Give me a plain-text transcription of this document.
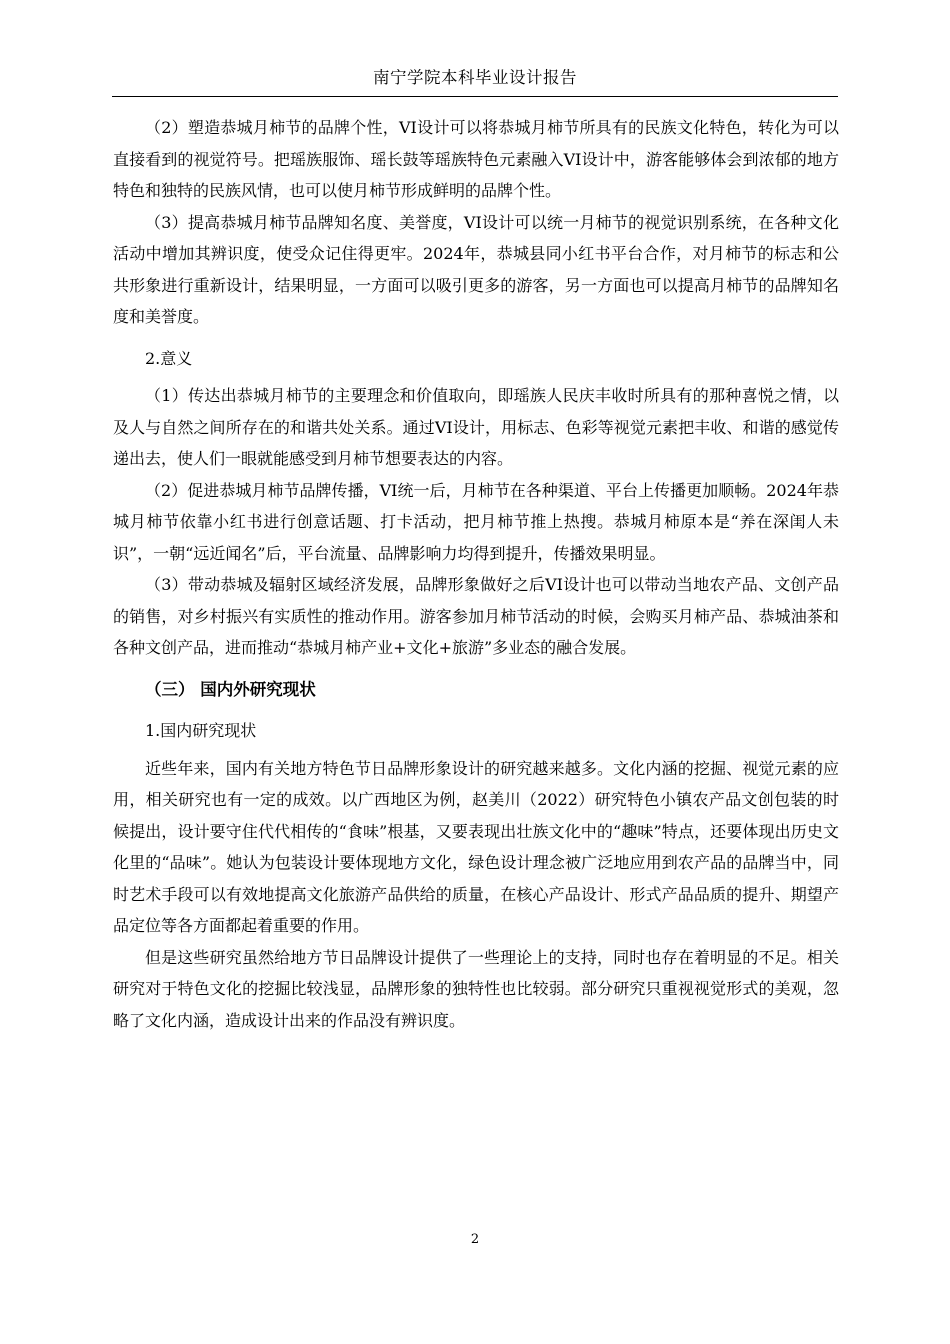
南宁学院本科毕业设计报告

（2）塑造恭城月柿节的品牌个性，VI设计可以将恭城月柿节所具有的民族文化特色，转化为可以直接看到的视觉符号。把瑶族服饰、瑶长鼓等瑶族特色元素融入VI设计中，游客能够体会到浓郁的地方特色和独特的民族风情，也可以使月柿节形成鲜明的品牌个性。

（3）提高恭城月柿节品牌知名度、美誉度，VI设计可以统一月柿节的视觉识别系统，在各种文化活动中增加其辨识度，使受众记住得更牢。2024年，恭城县同小红书平台合作，对月柿节的标志和公共形象进行重新设计，结果明显，一方面可以吸引更多的游客，另一方面也可以提高月柿节的品牌知名度和美誉度。

2.意义

（1）传达出恭城月柿节的主要理念和价值取向，即瑶族人民庆丰收时所具有的那种喜悦之情，以及人与自然之间所存在的和谐共处关系。通过VI设计，用标志、色彩等视觉元素把丰收、和谐的感觉传递出去，使人们一眼就能感受到月柿节想要表达的内容。

（2）促进恭城月柿节品牌传播，VI统一后，月柿节在各种渠道、平台上传播更加顺畅。2024年恭城月柿节依靠小红书进行创意话题、打卡活动，把月柿节推上热搜。恭城月柿原本是“养在深闺人未识”，一朝“远近闻名”后，平台流量、品牌影响力均得到提升，传播效果明显。

（3）带动恭城及辐射区域经济发展，品牌形象做好之后VI设计也可以带动当地农产品、文创产品的销售，对乡村振兴有实质性的推动作用。游客参加月柿节活动的时候，会购买月柿产品、恭城油茶和各种文创产品，进而推动“恭城月柿产业+文化+旅游”多业态的融合发展。

（三） 国内外研究现状
1.国内研究现状

近些年来，国内有关地方特色节日品牌形象设计的研究越来越多。文化内涵的挖掘、视觉元素的应用，相关研究也有一定的成效。以广西地区为例，赵美川（2022）研究特色小镇农产品文创包装的时候提出，设计要守住代代相传的“食味”根基，又要表现出壮族文化中的“趣味”特点，还要体现出历史文化里的“品味”。她认为包装设计要体现地方文化，绿色设计理念被广泛地应用到农产品的品牌当中，同时艺术手段可以有效地提高文化旅游产品供给的质量，在核心产品设计、形式产品品质的提升、期望产品定位等各方面都起着重要的作用。

但是这些研究虽然给地方节日品牌设计提供了一些理论上的支持，同时也存在着明显的不足。相关研究对于特色文化的挖掘比较浅显，品牌形象的独特性也比较弱。部分研究只重视视觉形式的美观，忽略了文化内涵，造成设计出来的作品没有辨识度。

2
